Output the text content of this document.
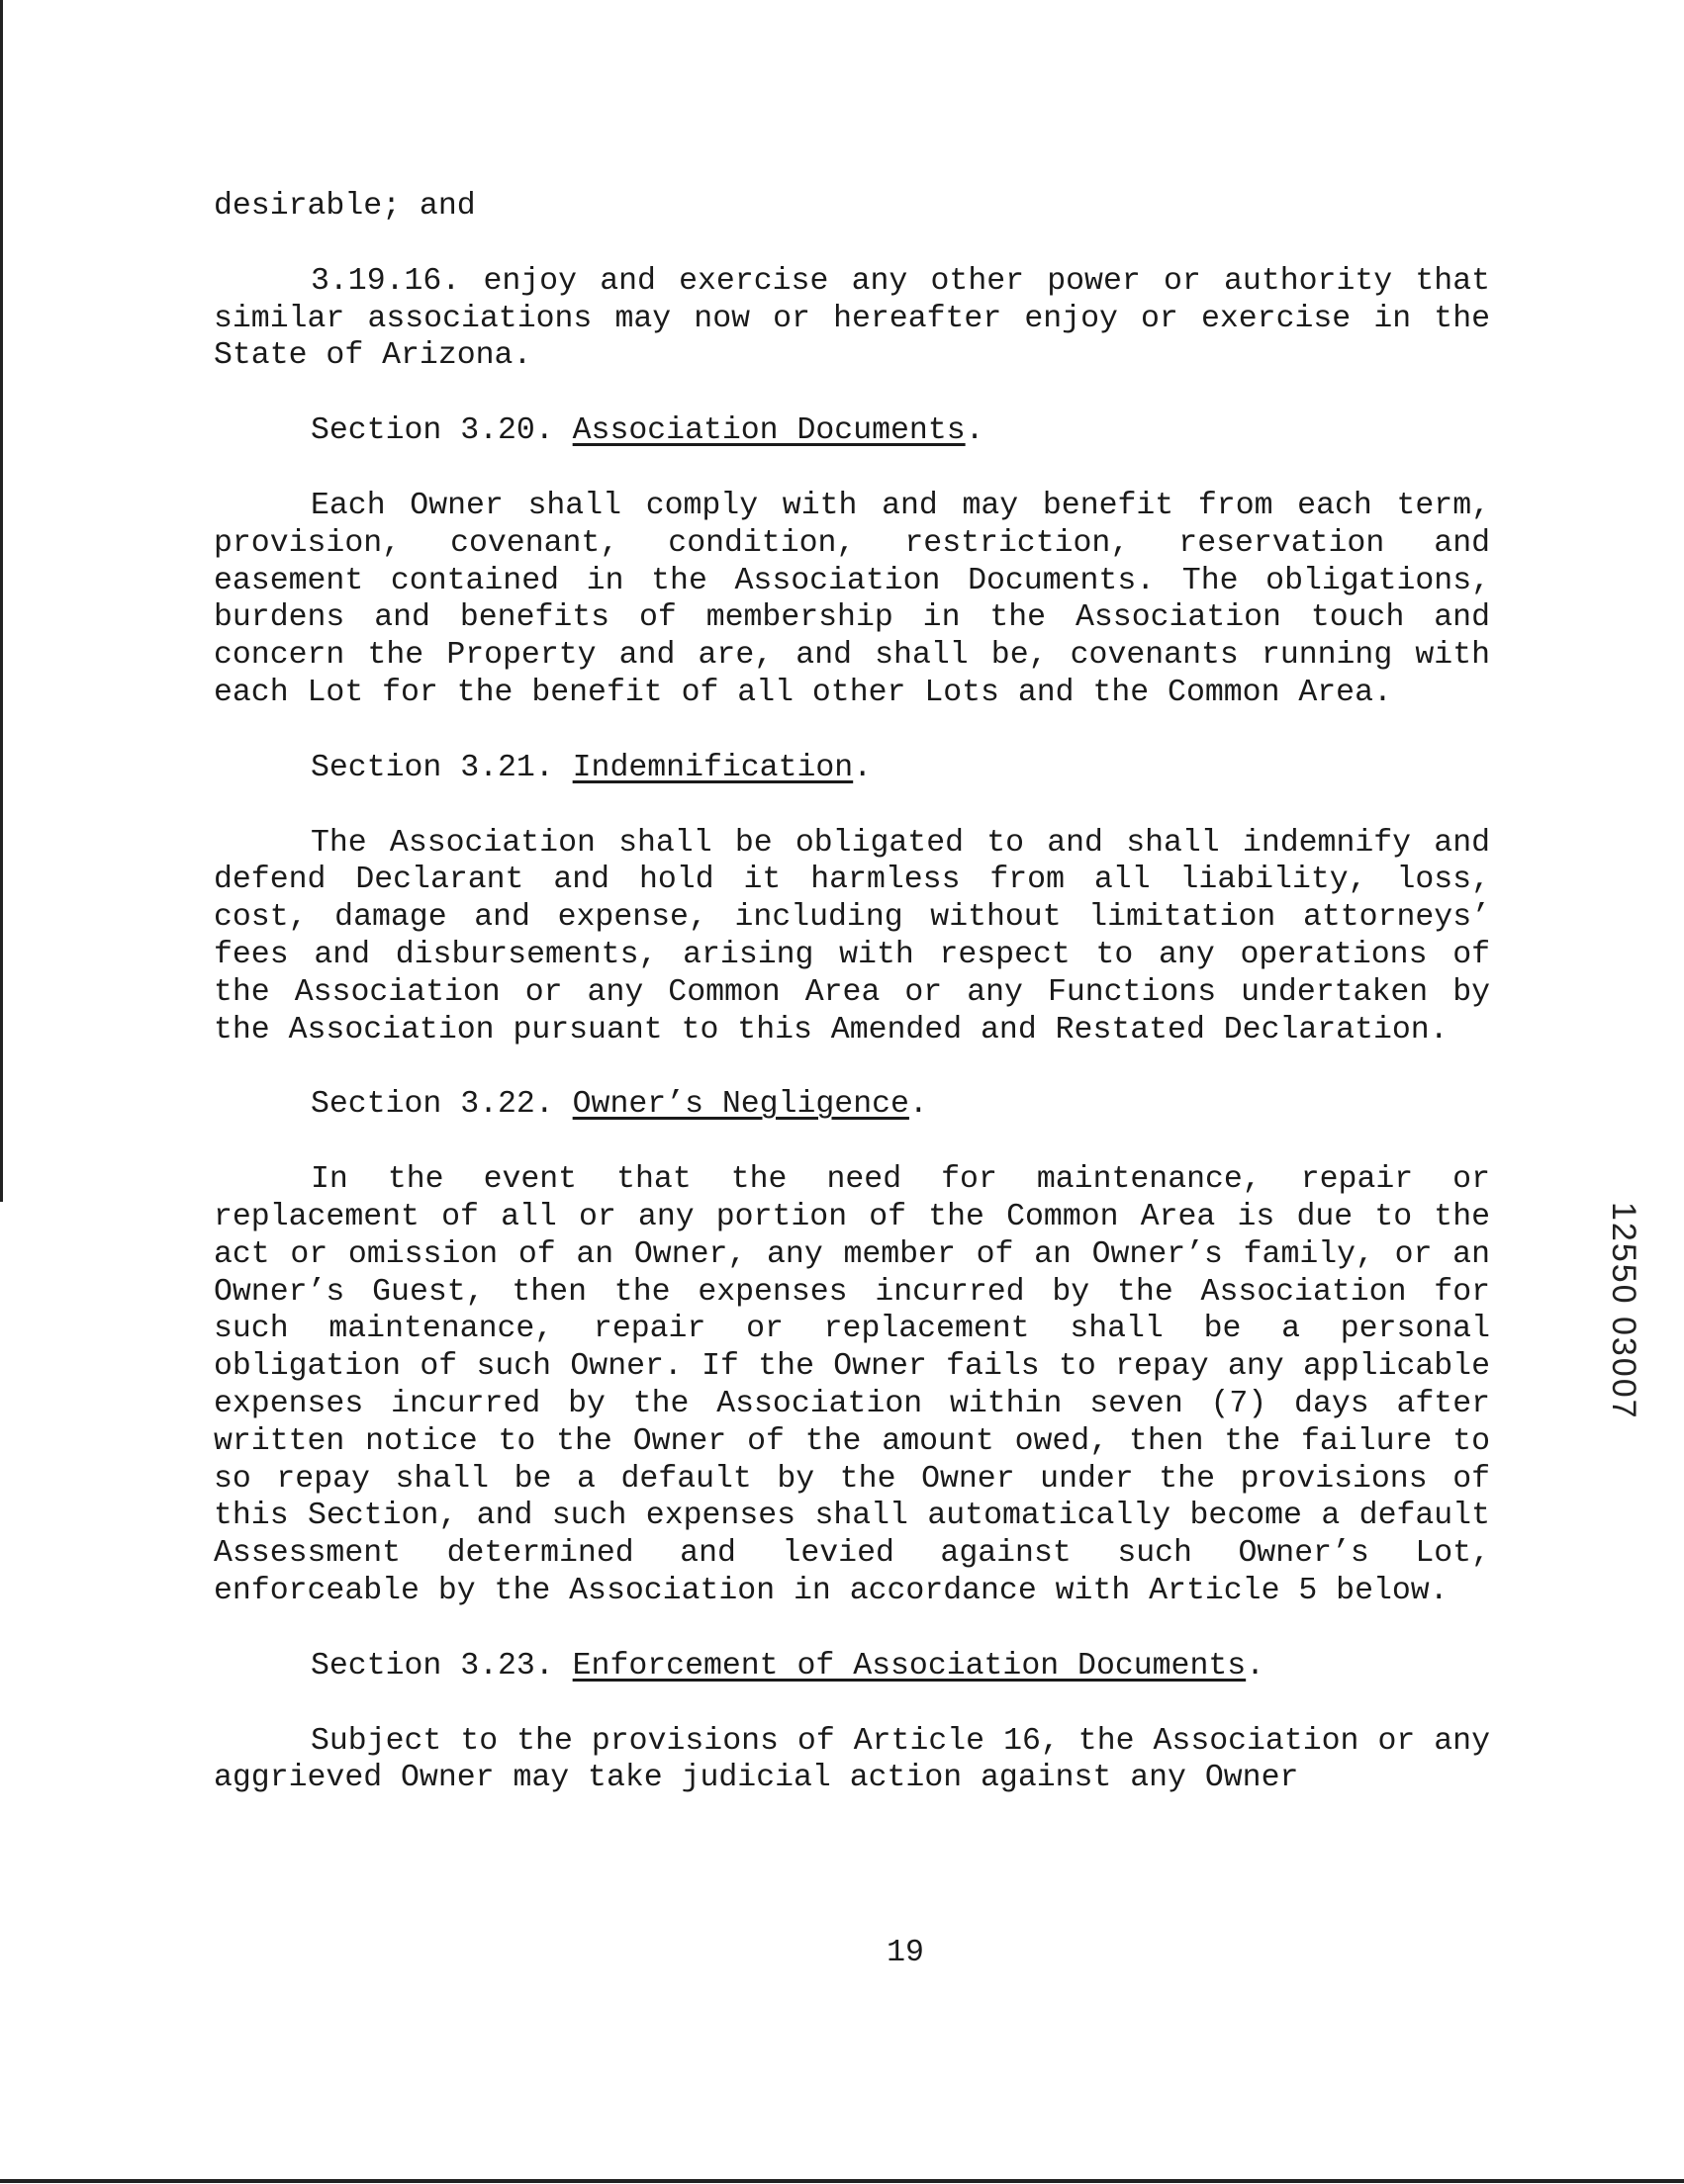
desirable; and

3.19.16. enjoy and exercise any other power or authority that similar associations may now or hereafter enjoy or exercise in the State of Arizona.

Section 3.20. Association Documents.

Each Owner shall comply with and may benefit from each term, provision, covenant, condition, restriction, reservation and easement contained in the Association Documents. The obligations, burdens and benefits of membership in the Association touch and concern the Property and are, and shall be, covenants running with each Lot for the benefit of all other Lots and the Common Area.

Section 3.21. Indemnification.

The Association shall be obligated to and shall indemnify and defend Declarant and hold it harmless from all liability, loss, cost, damage and expense, including without limitation attorneys’ fees and disbursements, arising with respect to any operations of the Association or any Common Area or any Functions undertaken by the Association pursuant to this Amended and Restated Declaration.

Section 3.22. Owner’s Negligence.

In the event that the need for maintenance, repair or replacement of all or any portion of the Common Area is due to the act or omission of an Owner, any member of an Owner’s family, or an Owner’s Guest, then the expenses incurred by the Association for such maintenance, repair or replacement shall be a personal obligation of such Owner. If the Owner fails to repay any applicable expenses incurred by the Association within seven (7) days after written notice to the Owner of the amount owed, then the failure to so repay shall be a default by the Owner under the provisions of this Section, and such expenses shall automatically become a default Assessment determined and levied against such Owner’s Lot, enforceable by the Association in accordance with Article 5 below.

Section 3.23. Enforcement of Association Documents.

Subject to the provisions of Article 16, the Association or any aggrieved Owner may take judicial action against any Owner

19
12550 03007
